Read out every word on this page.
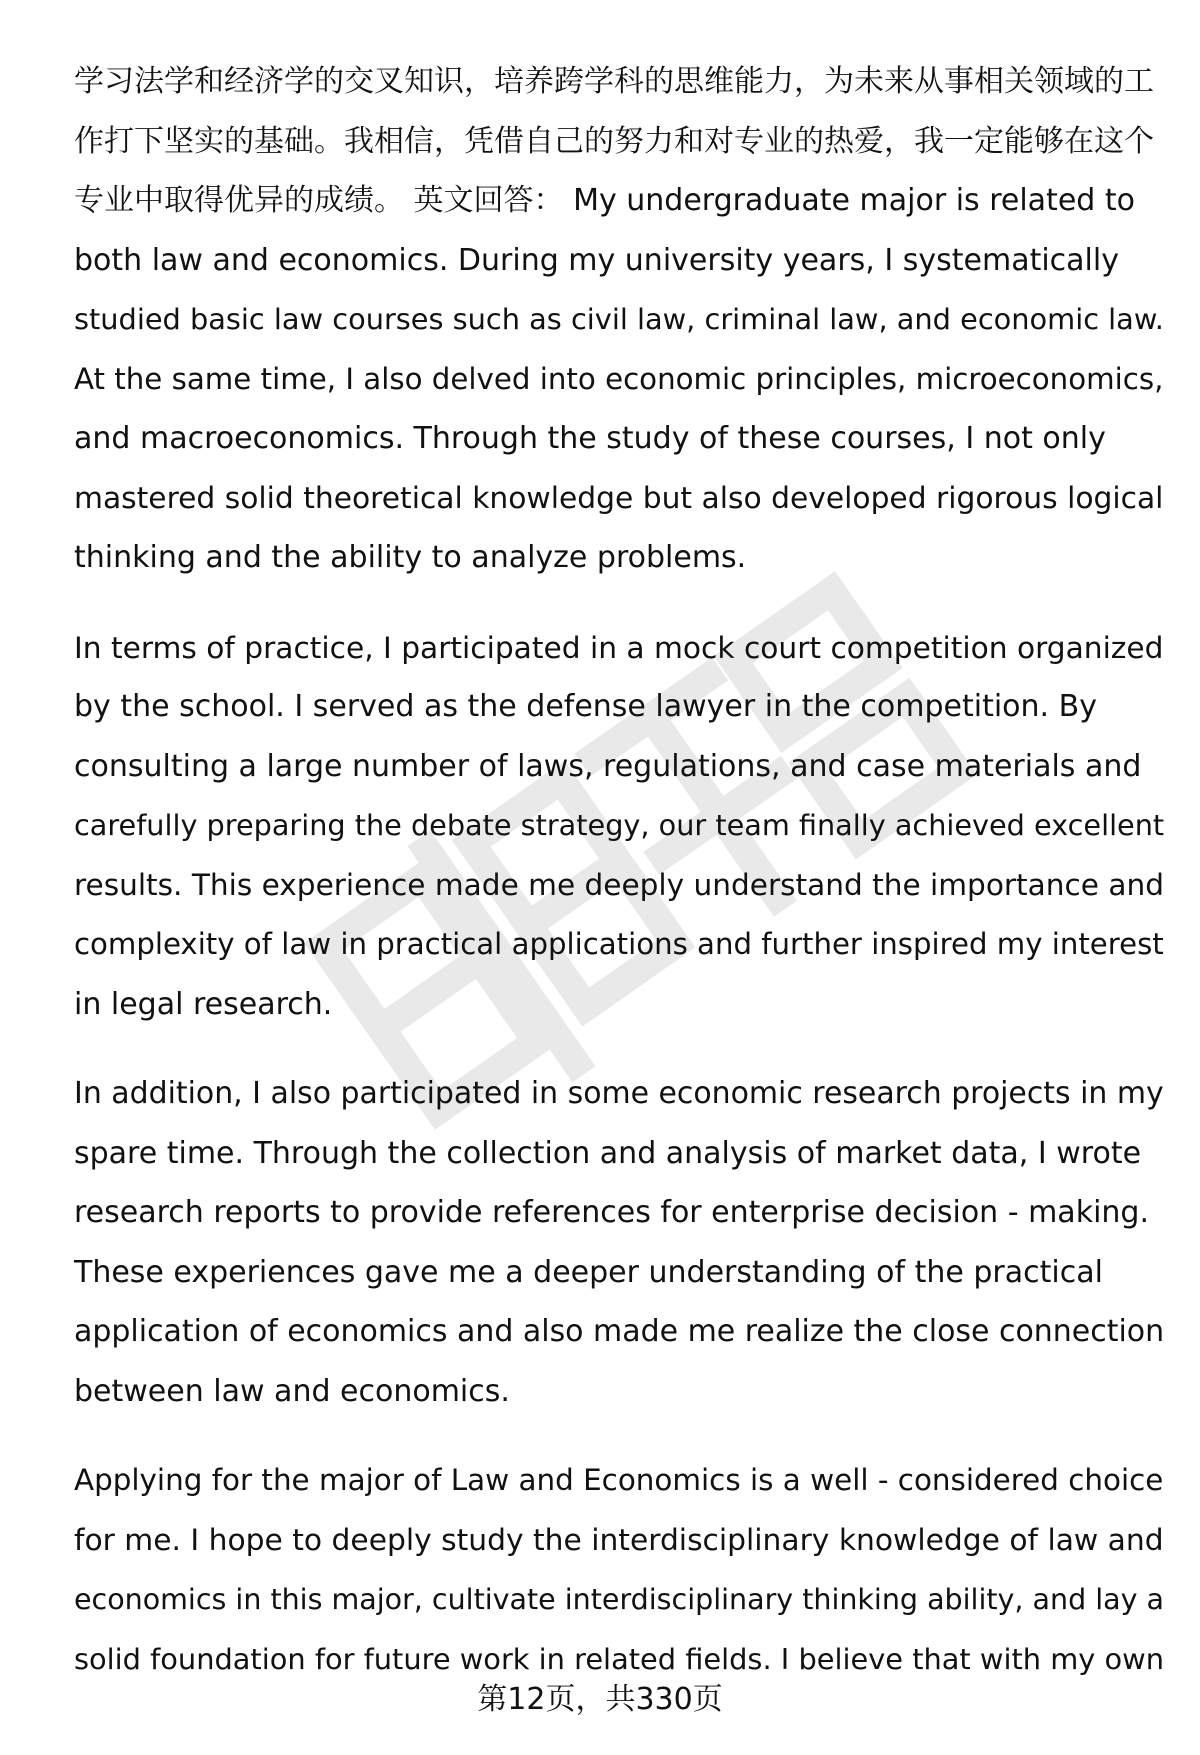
学习法学和经济学的交叉知识，培养跨学科的思维能力，为未来从事相关领域的工
作打下坚实的基础。我相信，凭借自己的努力和对专业的热爱，我一定能够在这个
专业中取得优异的成绩。 英文回答： My undergraduate major is related to
both law and economics. During my university years, I systematically
studied basic law courses such as civil law, criminal law, and economic law.
At the same time, I also delved into economic principles, microeconomics,
and macroeconomics. Through the study of these courses, I not only
mastered solid theoretical knowledge but also developed rigorous logical
thinking and the ability to analyze problems.
In terms of practice, I participated in a mock court competition organized
by the school. I served as the defense lawyer in the competition. By
consulting a large number of laws, regulations, and case materials and
carefully preparing the debate strategy, our team finally achieved excellent
results. This experience made me deeply understand the importance and
complexity of law in practical applications and further inspired my interest
in legal research.
In addition, I also participated in some economic research projects in my
spare time. Through the collection and analysis of market data, I wrote
research reports to provide references for enterprise decision - making.
These experiences gave me a deeper understanding of the practical
application of economics and also made me realize the close connection
between law and economics.
Applying for the major of Law and Economics is a well - considered choice
for me. I hope to deeply study the interdisciplinary knowledge of law and
economics in this major, cultivate interdisciplinary thinking ability, and lay a
solid foundation for future work in related fields. I believe that with my own
第12页，共330页
